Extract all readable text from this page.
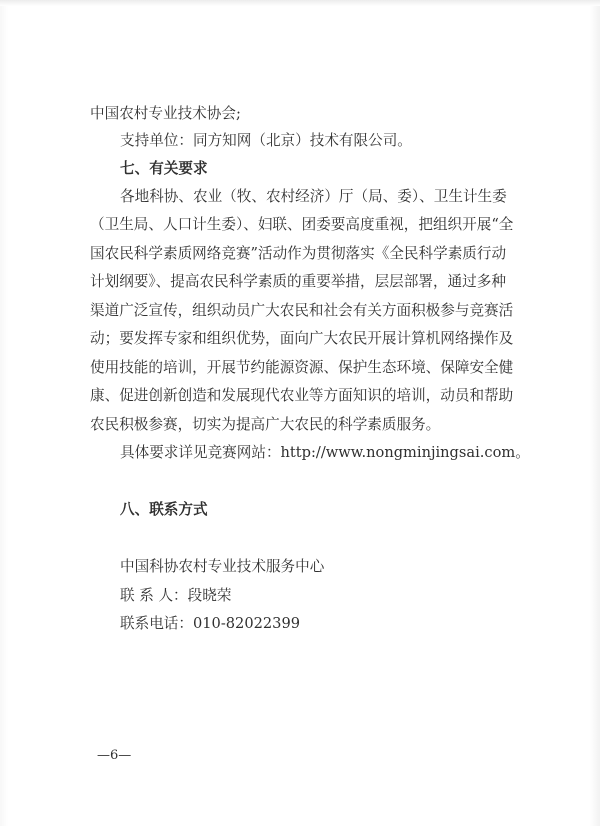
中国农村专业技术协会;
支持单位：同方知网（北京）技术有限公司。
七、有关要求
各地科协、农业（牧、农村经济）厅（局、委）、卫生计生委
（卫生局、人口计生委）、妇联、团委要高度重视，把组织开展“全
国农民科学素质网络竞赛”活动作为贯彻落实《全民科学素质行动
计划纲要》、提高农民科学素质的重要举措，层层部署，通过多种
渠道广泛宣传，组织动员广大农民和社会有关方面积极参与竞赛活
动；要发挥专家和组织优势，面向广大农民开展计算机网络操作及
使用技能的培训，开展节约能源资源、保护生态环境、保障安全健
康、促进创新创造和发展现代农业等方面知识的培训，动员和帮助
农民积极参赛，切实为提高广大农民的科学素质服务。
具体要求详见竞赛网站：http://www.nongminjingsai.com。
八、联系方式
中国科协农村专业技术服务中心
联 系 人：段晓荣
联系电话：010-82022399
—6—
